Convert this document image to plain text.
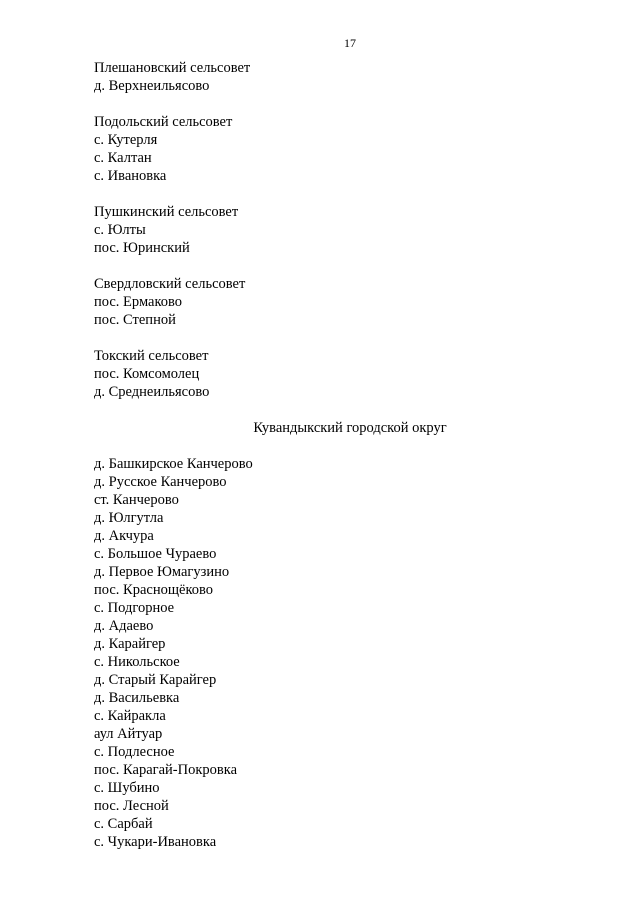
17
Плешановский сельсовет
д. Верхнеильясово
Подольский сельсовет
с. Кутерля
с. Калтан
с. Ивановка
Пушкинский сельсовет
с. Юлты
пос. Юринский
Свердловский сельсовет
пос. Ермаково
пос. Степной
Токский сельсовет
пос. Комсомолец
д. Среднеильясово
Кувандыкский городской округ
д. Башкирское Канчерово
д. Русское Канчерово
ст. Канчерово
д. Юлгутла
д. Акчура
с. Большое Чураево
д. Первое Юмагузино
пос. Краснощёково
с. Подгорное
д. Адаево
д. Карайгер
с. Никольское
д. Старый Карайгер
д. Васильевка
с. Кайракла
аул Айтуар
с. Подлесное
пос. Карагай-Покровка
с. Шубино
пос. Лесной
с. Сарбай
с. Чукари-Ивановка
